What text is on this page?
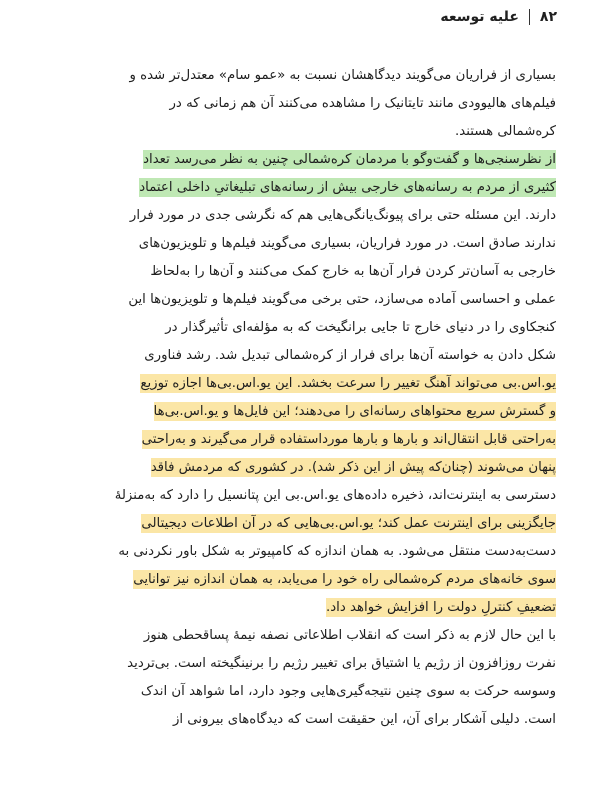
۸۲
علیه توسعه
بسیاری از فراریان می‌گویند دیدگاهشان نسبت به «عمو سام» معتدل‌تر شده و
فیلم‌های هالیوودی مانند تایتانیک را مشاهده می‌کنند آن هم زمانی که در
کره‌شمالی هستند.
از نظرسنجی‌ها و گفت‌وگو با مردمان کره‌شمالی چنین به نظر می‌رسد تعداد
کثیری از مردم به رسانه‌های خارجی بیش از رسانه‌های تبلیغاتیِ داخلی اعتماد
دارند. این مسئله حتی برای پیونگ‌یانگی‌هایی هم که نگرشی جدی در مورد فرار
ندارند صادق است. در مورد فراریان، بسیاری می‌گویند فیلم‌ها و تلویزیون‌های
خارجی به آسان‌تر کردن فرار آن‌ها به خارج کمک می‌کنند و آن‌ها را به‌لحاظ
عملی و احساسی آماده می‌سازد، حتی برخی می‌گویند فیلم‌ها و تلویزیون‌ها این
کنجکاوی را در دنیای خارج تا جایی برانگیخت که به مؤلفه‌ای تأثیرگذار در
شکل دادن به خواسته آن‌ها برای فرار از کره‌شمالی تبدیل شد. رشد فناوری
یو.اس.بی می‌تواند آهنگ تغییر را سرعت بخشد. این یو.اس.بی‌ها اجازه توزیع
و گسترش سریع محتواهای رسانه‌ای را می‌دهند؛ این فایل‌ها و یو.اس.بی‌ها
به‌راحتی قابل انتقال‌اند و بارها و بارها مورداستفاده قرار می‌گیرند و به‌راحتی
پنهان می‌شوند (چنان‌که پیش از این ذکر شد). در کشوری که مردمش فاقد
دسترسی به اینترنت‌اند، ذخیره داده‌های یو.اس.بی این پتانسیل را دارد که به‌منزلهٔ
جایگزینی برای اینترنت عمل کند؛ یو.اس.بی‌هایی که در آن اطلاعات دیجیتالی
دست‌به‌دست منتقل می‌شود. به همان اندازه که کامپیوتر به شکل باور نکردنی به
سوی خانه‌های مردم کره‌شمالی راه خود را می‌یابد، به همان اندازه نیز توانایی
تضعیفِ کنترلِ دولت را افزایش خواهد داد.
با این حال لازم به ذکر است که انقلاب اطلاعاتی نصفه نیمهٔ پساقحطی هنوز
نفرت روزافزون از رژیم یا اشتیاق برای تغییر رژیم را برنینگیخته است. بی‌تردید
وسوسه حرکت به سوی چنین نتیجه‌گیری‌هایی وجود دارد، اما شواهد آن اندک
است. دلیلی آشکار برای آن، این حقیقت است که دیدگاه‌های بیرونی از
